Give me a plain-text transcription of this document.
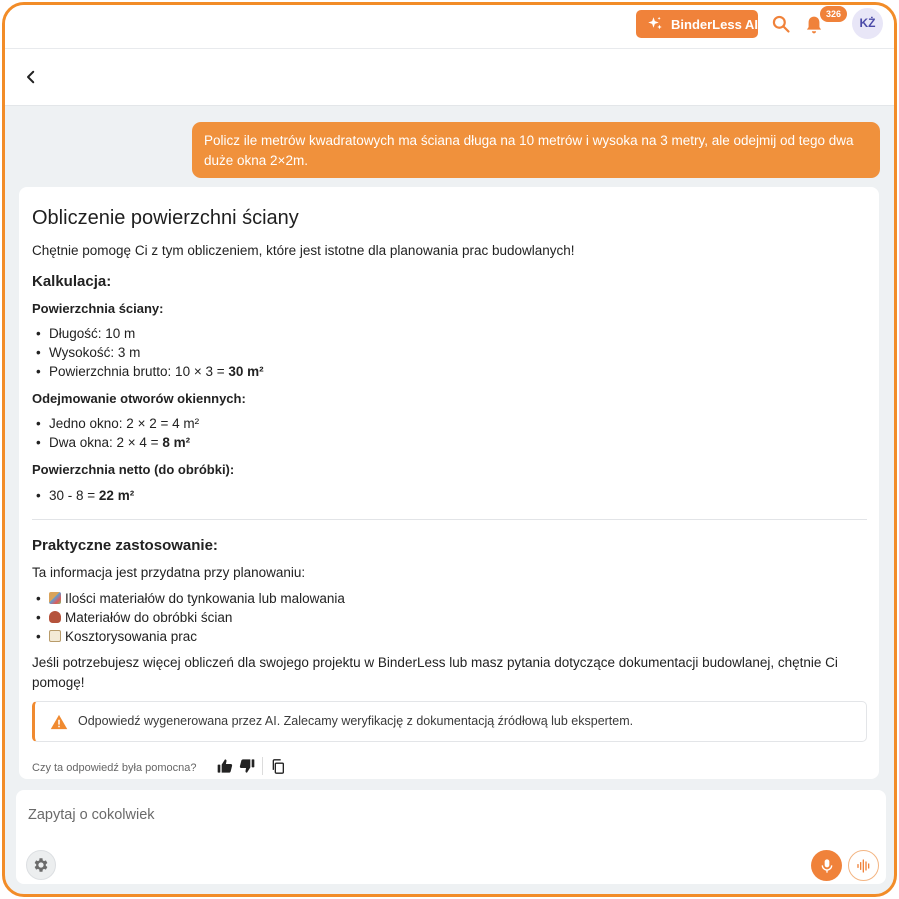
BinderLess AI
326
KŻ
Policz ile metrów kwadratowych ma ściana długa na 10 metrów i wysoka na 3 metry, ale odejmij od tego dwa duże okna 2×2m.
Obliczenie powierzchni ściany
Chętnie pomogę Ci z tym obliczeniem, które jest istotne dla planowania prac budowlanych!
Kalkulacja:
Powierzchnia ściany:
• Długość: 10 m
• Wysokość: 3 m
• Powierzchnia brutto: 10 × 3 = 30 m²
Odejmowanie otworów okiennych:
• Jedno okno: 2 × 2 = 4 m²
• Dwa okna: 2 × 4 = 8 m²
Powierzchnia netto (do obróbki):
• 30 - 8 = 22 m²
Praktyczne zastosowanie:
Ta informacja jest przydatna przy planowaniu:
• Ilości materiałów do tynkowania lub malowania
• Materiałów do obróbki ścian
• Kosztorysowania prac
Jeśli potrzebujesz więcej obliczeń dla swojego projektu w BinderLess lub masz pytania dotyczące dokumentacji budowlanej, chętnie Ci
pomogę!
Odpowiedź wygenerowana przez AI. Zalecamy weryfikację z dokumentacją źródłową lub ekspertem.
Czy ta odpowiedź była pomocna?
Zapytaj o cokolwiek
